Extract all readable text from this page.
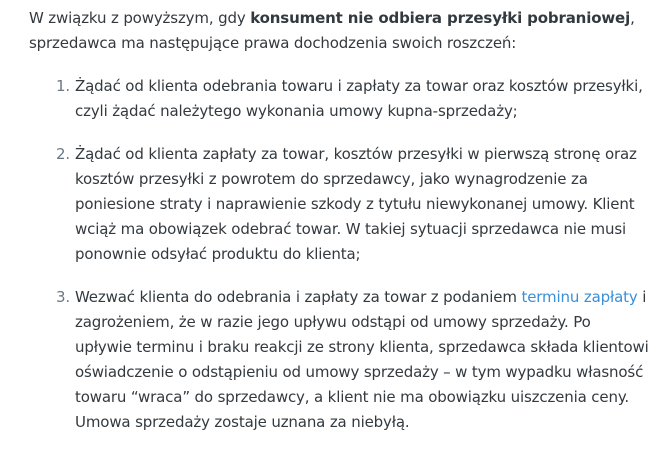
W związku z powyższym, gdy konsument nie odbiera przesyłki pobraniowej, sprzedawca ma następujące prawa dochodzenia swoich roszczeń:

1. Żądać od klienta odebrania towaru i zapłaty za towar oraz kosztów przesyłki, czyli żądać należytego wykonania umowy kupna-sprzedaży;
2. Żądać od klienta zapłaty za towar, kosztów przesyłki w pierwszą stronę oraz kosztów przesyłki z powrotem do sprzedawcy, jako wynagrodzenie za poniesione straty i naprawienie szkody z tytułu niewykonanej umowy. Klient wciąż ma obowiązek odebrać towar. W takiej sytuacji sprzedawca nie musi ponownie odsyłać produktu do klienta;
3. Wezwać klienta do odebrania i zapłaty za towar z podaniem terminu zapłaty i zagrożeniem, że w razie jego upływu odstąpi od umowy sprzedaży. Po upływie terminu i braku reakcji ze strony klienta, sprzedawca składa klientowi oświadczenie o odstąpieniu od umowy sprzedaży – w tym wypadku własność towaru “wraca” do sprzedawcy, a klient nie ma obowiązku uiszczenia ceny. Umowa sprzedaży zostaje uznana za niebyłą.
